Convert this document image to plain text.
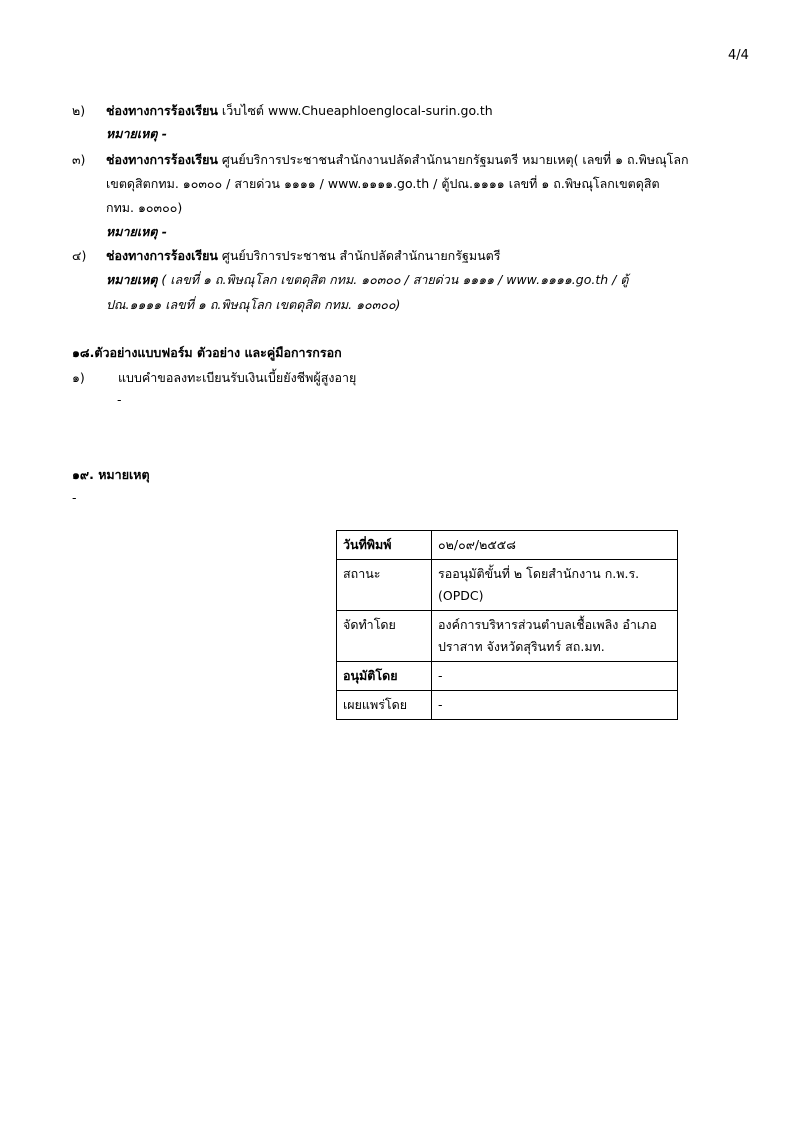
4/4
๒) ช่องทางการร้องเรียน เว็บไซต์ www.Chueaphloenglocal-surin.go.th
หมายเหตุ -
๓) ช่องทางการร้องเรียน ศูนย์บริการประชาชนสำนักงานปลัดสำนักนายกรัฐมนตรี หมายเหตุ( เลขที่ ๑ ถ.พิษณุโลก
เขตดุสิตกทม. ๑๐๓๐๐ / สายด่วน ๑๑๑๑ / www.๑๑๑๑.go.th / ตู้ปณ.๑๑๑๑ เลขที่ ๑ ถ.พิษณุโลกเขตดุสิต
กทม. ๑๐๓๐๐)
หมายเหตุ -
๔) ช่องทางการร้องเรียน ศูนย์บริการประชาชน สำนักปลัดสำนักนายกรัฐมนตรี
หมายเหตุ ( เลขที่ ๑ ถ.พิษณุโลก เขตดุสิต กทม. ๑๐๓๐๐ / สายด่วน ๑๑๑๑ / www.๑๑๑๑.go.th / ตู้
ปณ.๑๑๑๑ เลขที่ ๑ ถ.พิษณุโลก เขตดุสิต กทม. ๑๐๓๐๐)
๑๘.ตัวอย่างแบบฟอร์ม ตัวอย่าง และคู่มือการกรอก
๑)	แบบคำขอลงทะเบียนรับเงินเบี้ยยังชีพผู้สูงอายุ
-
๑๙. หมายเหตุ
-
วันที่พิมพ์	๐๒/๐๙/๒๕๕๘
สถานะ	รออนุมัติขั้นที่ ๒ โดยสำนักงาน ก.พ.ร.
(OPDC)

จัดทำโดย	องค์การบริหารส่วนตำบลเชื้อเพลิง อำเภอ
ปราสาท จังหวัดสุรินทร์ สถ.มท.

อนุมัติโดย	-
เผยแพร่โดย	-
